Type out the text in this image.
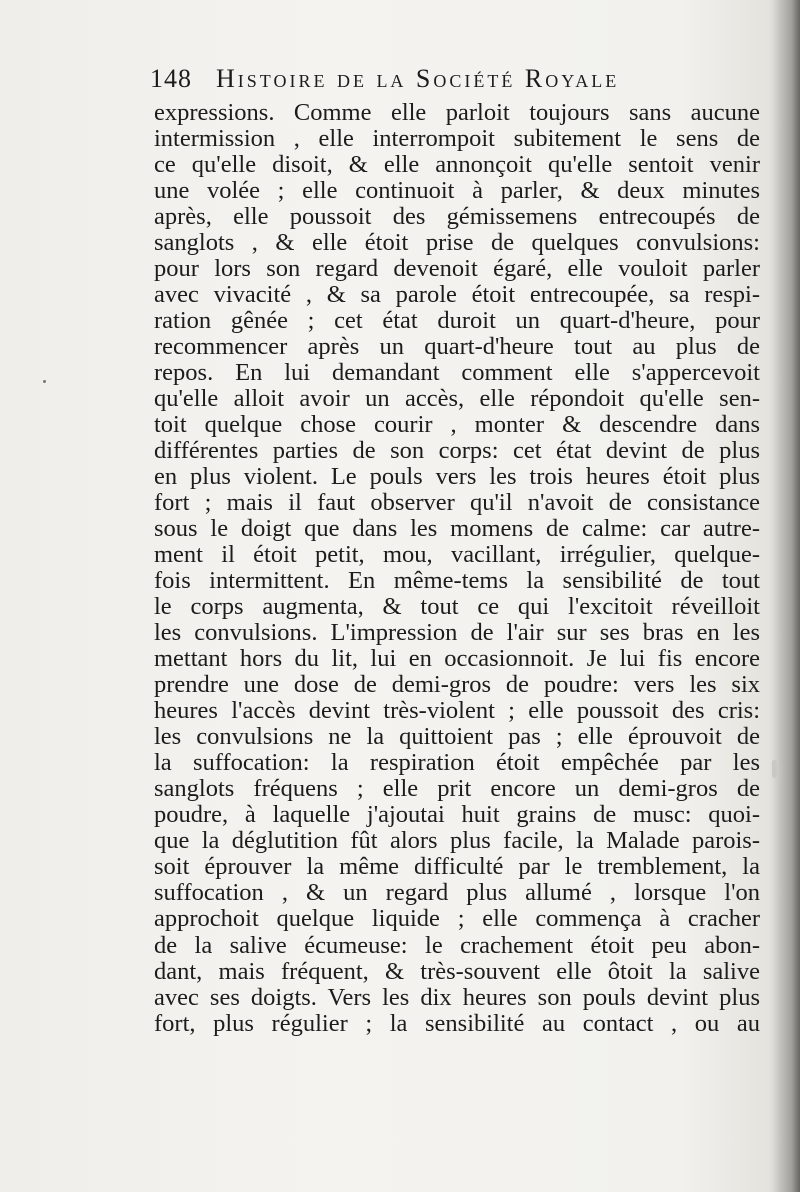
148 Histoire de la Société Royale
expressions. Comme elle parloit toujours sans aucune
intermission , elle interrompoit subitement le sens de
ce qu'elle disoit, & elle annonçoit qu'elle sentoit venir
une volée ; elle continuoit à parler, & deux minutes
après, elle poussoit des gémissemens entrecoupés de
sanglots , & elle étoit prise de quelques convulsions:
pour lors son regard devenoit égaré, elle vouloit parler
avec vivacité , & sa parole étoit entrecoupée, sa respi-
ration gênée ; cet état duroit un quart-d'heure, pour
recommencer après un quart-d'heure tout au plus de
repos. En lui demandant comment elle s'appercevoit
qu'elle alloit avoir un accès, elle répondoit qu'elle sen-
toit quelque chose courir , monter & descendre dans
différentes parties de son corps: cet état devint de plus
en plus violent. Le pouls vers les trois heures étoit plus
fort ; mais il faut observer qu'il n'avoit de consistance
sous le doigt que dans les momens de calme: car autre-
ment il étoit petit, mou, vacillant, irrégulier, quelque-
fois intermittent. En même-tems la sensibilité de tout
le corps augmenta, & tout ce qui l'excitoit réveilloit
les convulsions. L'impression de l'air sur ses bras en les
mettant hors du lit, lui en occasionnoit. Je lui fis encore
prendre une dose de demi-gros de poudre: vers les six
heures l'accès devint très-violent ; elle poussoit des cris:
les convulsions ne la quittoient pas ; elle éprouvoit de
la suffocation: la respiration étoit empêchée par les
sanglots fréquens ; elle prit encore un demi-gros de
poudre, à laquelle j'ajoutai huit grains de musc: quoi-
que la déglutition fût alors plus facile, la Malade parois-
soit éprouver la même difficulté par le tremblement, la
suffocation , & un regard plus allumé , lorsque l'on
approchoit quelque liquide ; elle commença à cracher
de la salive écumeuse: le crachement étoit peu abon-
dant, mais fréquent, & très-souvent elle ôtoit la salive
avec ses doigts. Vers les dix heures son pouls devint plus
fort, plus régulier ; la sensibilité au contact , ou au
